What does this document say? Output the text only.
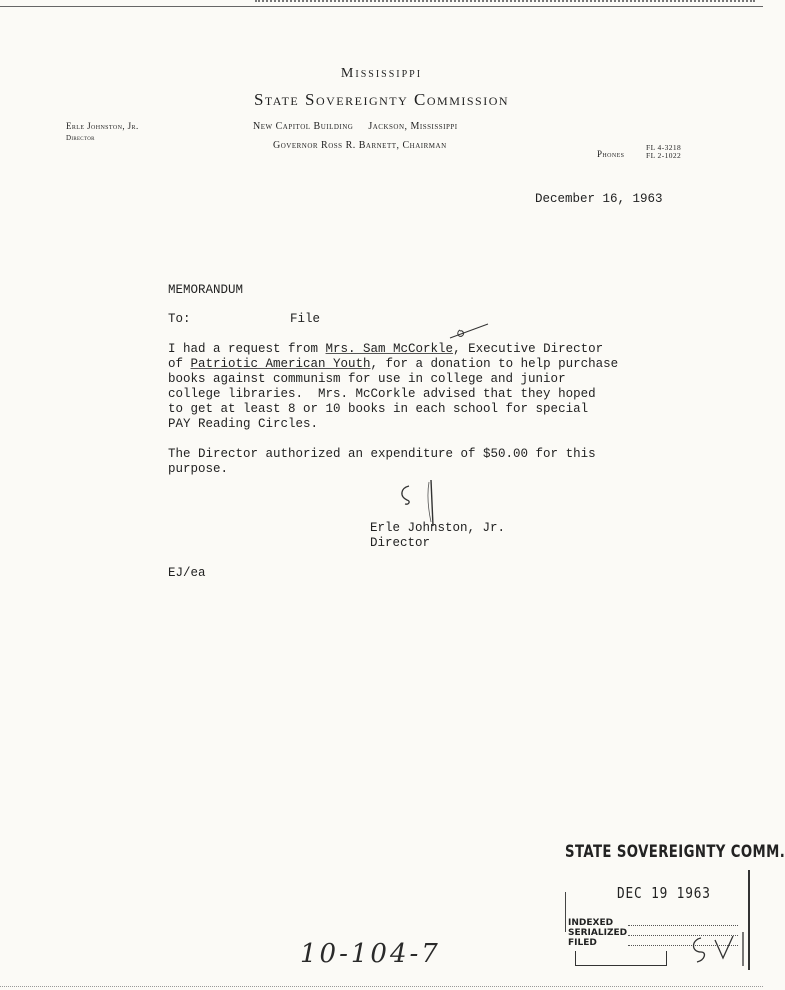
Mississippi
State Sovereignty Commission
Erle Johnston, Jr.
Director
New Capitol Building     Jackson, Mississippi
Governor Ross R. Barnett, Chairman
Phones
FL 4-3218
FL 2-1022
December 16, 1963
MEMORANDUM
To:	File
I had a request from Mrs. Sam McCorkle, Executive Director
of Patriotic American Youth, for a donation to help purchase
books against communism for use in college and junior
college libraries.  Mrs. McCorkle advised that they hoped
to get at least 8 or 10 books in each school for special
PAY Reading Circles.
The Director authorized an expenditure of $50.00 for this
purpose.
Erle Johnston, Jr.
Director
EJ/ea
STATE SOVEREIGNTY COMM.
DEC 19 1963
INDEXED
SERIALIZED
FILED
10-104-7
